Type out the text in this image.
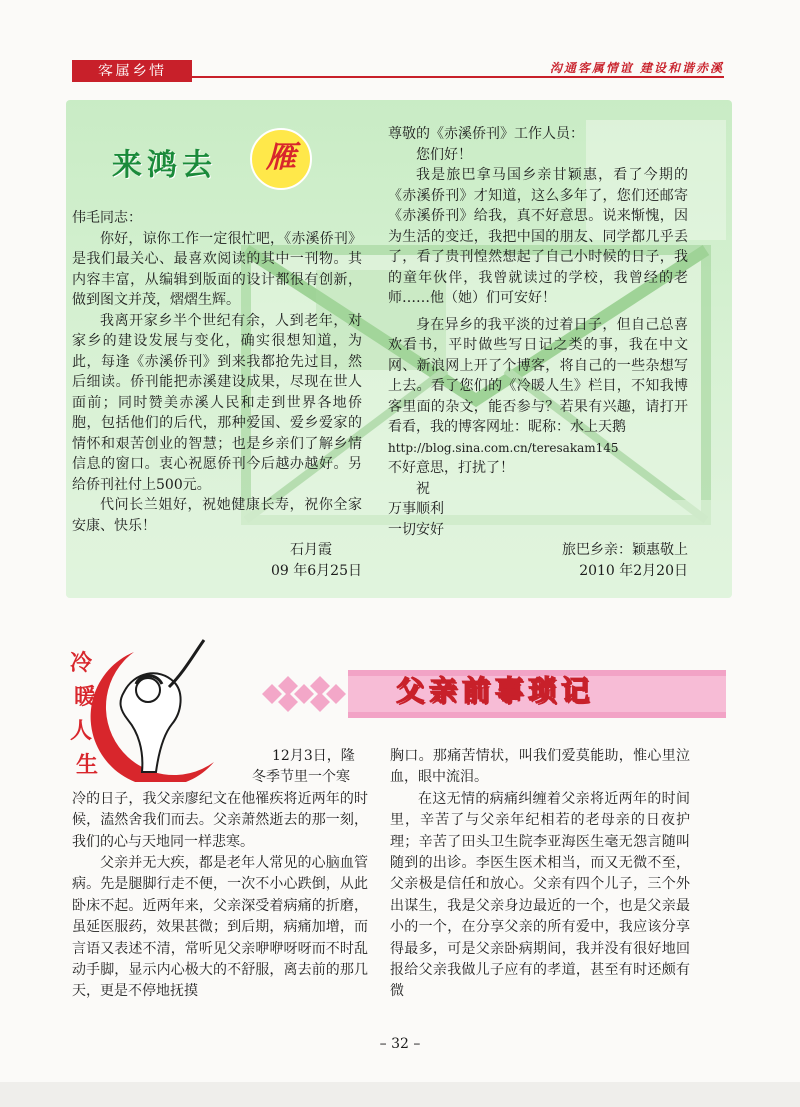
客属乡情	沟通客属情谊 建设和谐赤溪
来鸿去	雁

伟毛同志：

你好，谅你工作一定很忙吧，《赤溪侨刊》是我们最关心、最喜欢阅读的其中一刊物。其内容丰富，从编辑到版面的设计都很有创新，做到图文并茂，熠熠生辉。

我离开家乡半个世纪有余，人到老年，对家乡的建设发展与变化，确实很想知道，为此，每逢《赤溪侨刊》到来我都抢先过目，然后细读。侨刊能把赤溪建设成果，尽现在世人面前；同时赞美赤溪人民和走到世界各地侨胞，包括他们的后代，那种爱国、爱乡爱家的情怀和艰苦创业的智慧；也是乡亲们了解乡情信息的窗口。衷心祝愿侨刊今后越办越好。另给侨刊社付上500元。

代问长兰姐好，祝她健康长寿，祝你全家安康、快乐！

石月霞

09 年6月25日

尊敬的《赤溪侨刊》工作人员：

您们好！

我是旅巴拿马国乡亲甘颖惠，看了今期的《赤溪侨刊》才知道，这么多年了，您们还邮寄《赤溪侨刊》给我，真不好意思。说来惭愧，因为生活的变迁，我把中国的朋友、同学都几乎丢了，看了贵刊惶然想起了自己小时候的日子，我的童年伙伴，我曾就读过的学校，我曾经的老师……他（她）们可安好！

身在异乡的我平淡的过着日子，但自己总喜欢看书，平时做些写日记之类的事，我在中文网、新浪网上开了个博客，将自己的一些杂想写上去。看了您们的《冷暖人生》栏目，不知我博客里面的杂文，能否参与？若果有兴趣，请打开看看，我的博客网址：昵称：水上天鹅

http://blog.sina.com.cn/teresakam145

不好意思，打扰了！

祝

万事顺利

一切安好

旅巴乡亲：颖惠敬上

2010 年2月20日

冷
暖
人
生
父亲前事琐记

12月3日，隆

冬季节里一个寒

冷的日子，我父亲廖纪文在他罹疾将近两年的时候，溘然舍我们而去。父亲萧然逝去的那一刻，我们的心与天地同一样悲寒。

父亲并无大疾，都是老年人常见的心脑血管病。先是腿脚行走不便，一次不小心跌倒，从此卧床不起。近两年来，父亲深受着病痛的折磨，虽延医服药，效果甚微；到后期，病痛加增，而言语又表述不清，常听见父亲咿咿呀呀而不时乱动手脚，显示内心极大的不舒服，离去前的那几天，更是不停地抚摸

胸口。那痛苦情状，叫我们爱莫能助，惟心里泣血，眼中流泪。

在这无情的病痛纠缠着父亲将近两年的时间里，辛苦了与父亲年纪相若的老母亲的日夜护理；辛苦了田头卫生院李亚海医生毫无怨言随叫随到的出诊。李医生医术相当，而又无微不至，父亲极是信任和放心。父亲有四个儿子，三个外出谋生，我是父亲身边最近的一个，也是父亲最小的一个，在分享父亲的所有爱中，我应该分享得最多，可是父亲卧病期间，我并没有很好地回报给父亲我做儿子应有的孝道，甚至有时还颇有微

– 32 –
